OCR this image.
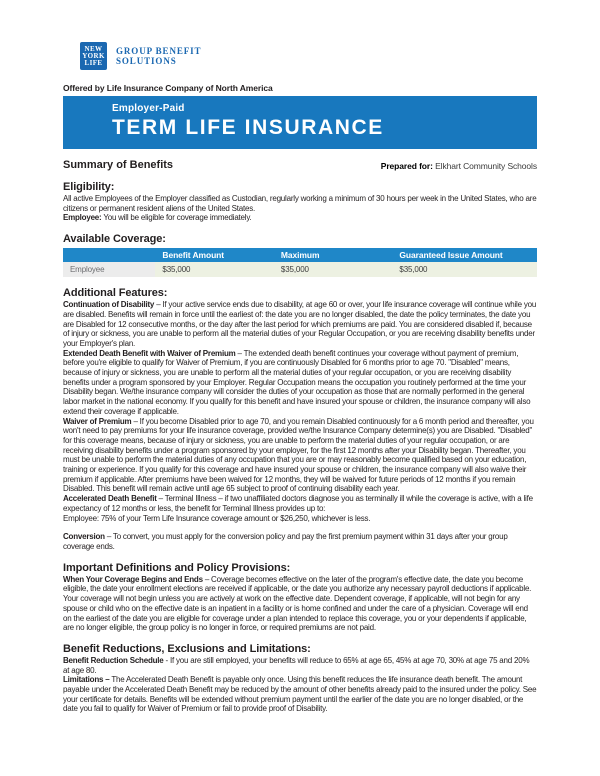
NEW
YORK
LIFE
GROUP BENEFIT
SOLUTIONS
Offered by Life Insurance Company of North America
Employer-Paid
TERM LIFE INSURANCE
Summary of Benefits	Prepared for: Elkhart Community Schools
Eligibility:

All active Employees of the Employer classified as Custodian, regularly working a minimum of 30 hours per week in the United States, who are citizens or permanent resident aliens of the United States.

Employee: You will be eligible for coverage immediately.

Available Coverage:
	Benefit Amount	Maximum	Guaranteed Issue Amount
Employee	$35,000	$35,000	$35,000
Additional Features:

Continuation of Disability – If your active service ends due to disability, at age 60 or over, your life insurance coverage will continue while you are disabled. Benefits will remain in force until the earliest of: the date you are no longer disabled, the date the policy terminates, the date you are Disabled for 12 consecutive months, or the day after the last period for which premiums are paid. You are considered disabled if, because of injury or sickness, you are unable to perform all the material duties of your Regular Occupation, or you are receiving disability benefits under your Employer's plan.

Extended Death Benefit with Waiver of Premium – The extended death benefit continues your coverage without payment of premium, before you're eligible to qualify for Waiver of Premium, if you are continuously Disabled for 6 months prior to age 70. "Disabled" means, because of injury or sickness, you are unable to perform all the material duties of your regular occupation, or you are receiving disability benefits under a program sponsored by your Employer. Regular Occupation means the occupation you routinely performed at the time your Disability began. We/the insurance company will consider the duties of your occupation as those that are normally performed in the general labor market in the national economy. If you qualify for this benefit and have insured your spouse or children, the insurance company will also extend their coverage if applicable.

Waiver of Premium – If you become Disabled prior to age 70, and you remain Disabled continuously for a 6 month period and thereafter, you won't need to pay premiums for your life insurance coverage, provided we/the Insurance Company determine(s) you are Disabled. "Disabled" for this coverage means, because of injury or sickness, you are unable to perform the material duties of your regular occupation, or are receiving disability benefits under a program sponsored by your employer, for the first 12 months after your Disability began. Thereafter, you must be unable to perform the material duties of any occupation that you are or may reasonably become qualified based on your education, training or experience. If you qualify for this coverage and have insured your spouse or children, the insurance company will also waive their premium if applicable. After premiums have been waived for 12 months, they will be waived for future periods of 12 months if you remain Disabled. This benefit will remain active until age 65 subject to proof of continuing disability each year.

Accelerated Death Benefit – Terminal Illness – if two unaffiliated doctors diagnose you as terminally ill while the coverage is active, with a life expectancy of 12 months or less, the benefit for Terminal Illness provides up to:

Employee: 75% of your Term Life Insurance coverage amount or $26,250, whichever is less.

Conversion – To convert, you must apply for the conversion policy and pay the first premium payment within 31 days after your group coverage ends.

Important Definitions and Policy Provisions:

When Your Coverage Begins and Ends – Coverage becomes effective on the later of the program's effective date, the date you become eligible, the date your enrollment elections are received if applicable, or the date you authorize any necessary payroll deductions if applicable. Your coverage will not begin unless you are actively at work on the effective date. Dependent coverage, if applicable, will not begin for any spouse or child who on the effective date is an inpatient in a facility or is home confined and under the care of a physician. Coverage will end on the earliest of the date you are eligible for coverage under a plan intended to replace this coverage, you or your dependents if applicable, are no longer eligible, the group policy is no longer in force, or required premiums are not paid.

Benefit Reductions, Exclusions and Limitations:

Benefit Reduction Schedule - If you are still employed, your benefits will reduce to 65% at age 65, 45% at age 70, 30% at age 75 and 20% at age 80.

Limitations – The Accelerated Death Benefit is payable only once. Using this benefit reduces the life insurance death benefit. The amount payable under the Accelerated Death Benefit may be reduced by the amount of other benefits already paid to the insured under the policy. See your certificate for details. Benefits will be extended without premium payment until the earlier of the date you are no longer disabled, or the date you fail to qualify for Waiver of Premium or fail to provide proof of Disability.
